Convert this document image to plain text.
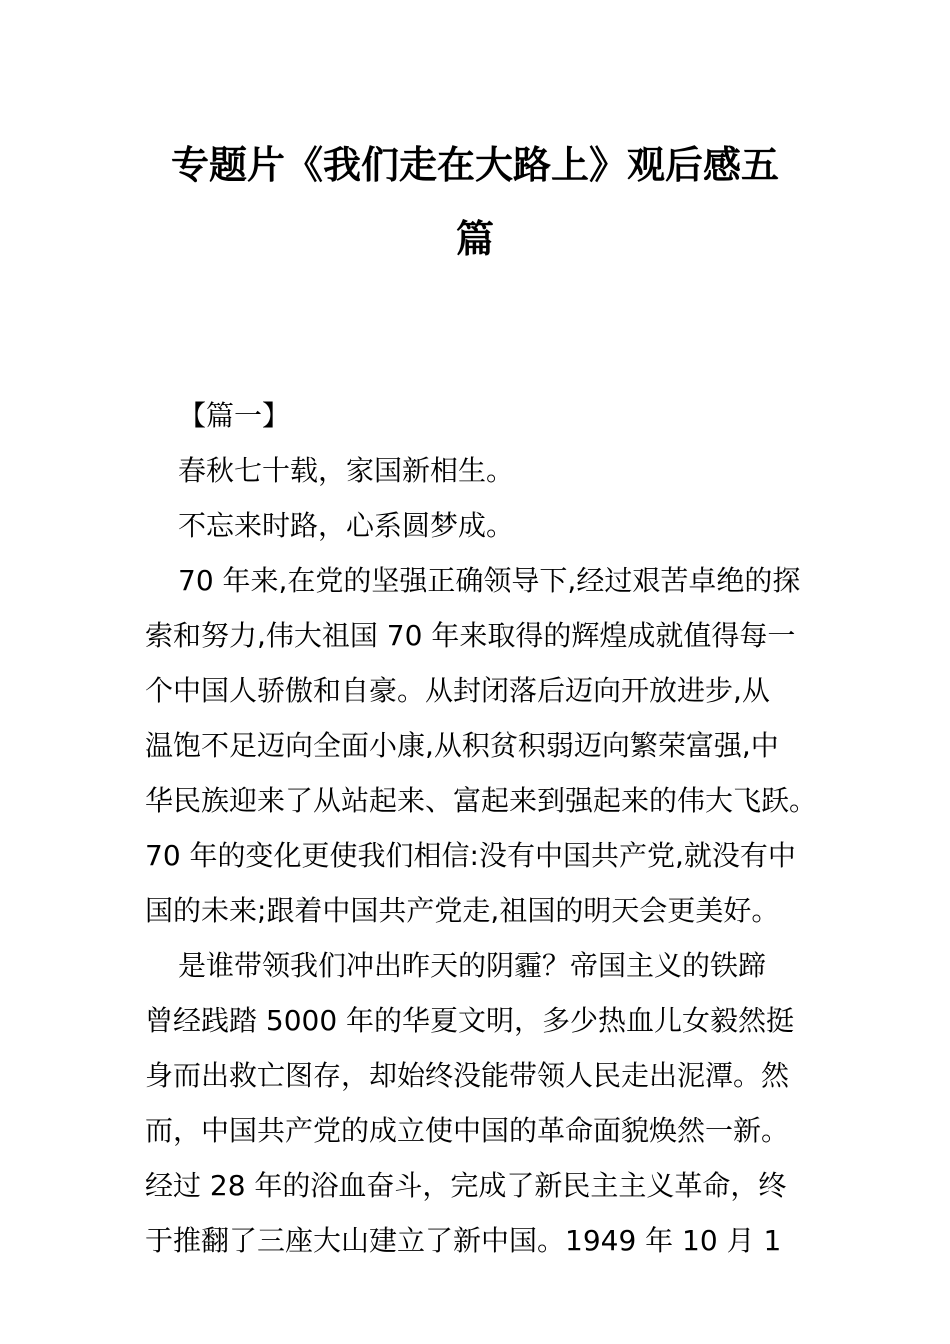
专题片《我们走在大路上》观后感五
篇
【篇一】
春秋七十载，家国新相生。
不忘来时路，心系圆梦成。
70 年来,在党的坚强正确领导下,经过艰苦卓绝的探
索和努力,伟大祖国 70 年来取得的辉煌成就值得每一
个中国人骄傲和自豪。从封闭落后迈向开放进步,从
温饱不足迈向全面小康,从积贫积弱迈向繁荣富强,中
华民族迎来了从站起来、富起来到强起来的伟大飞跃。
70 年的变化更使我们相信:没有中国共产党,就没有中
国的未来;跟着中国共产党走,祖国的明天会更美好。
是谁带领我们冲出昨天的阴霾？帝国主义的铁蹄
曾经践踏 5000 年的华夏文明，多少热血儿女毅然挺
身而出救亡图存，却始终没能带领人民走出泥潭。然
而，中国共产党的成立使中国的革命面貌焕然一新。
经过 28 年的浴血奋斗，完成了新民主主义革命，终
于推翻了三座大山建立了新中国。1949 年 10 月 1
